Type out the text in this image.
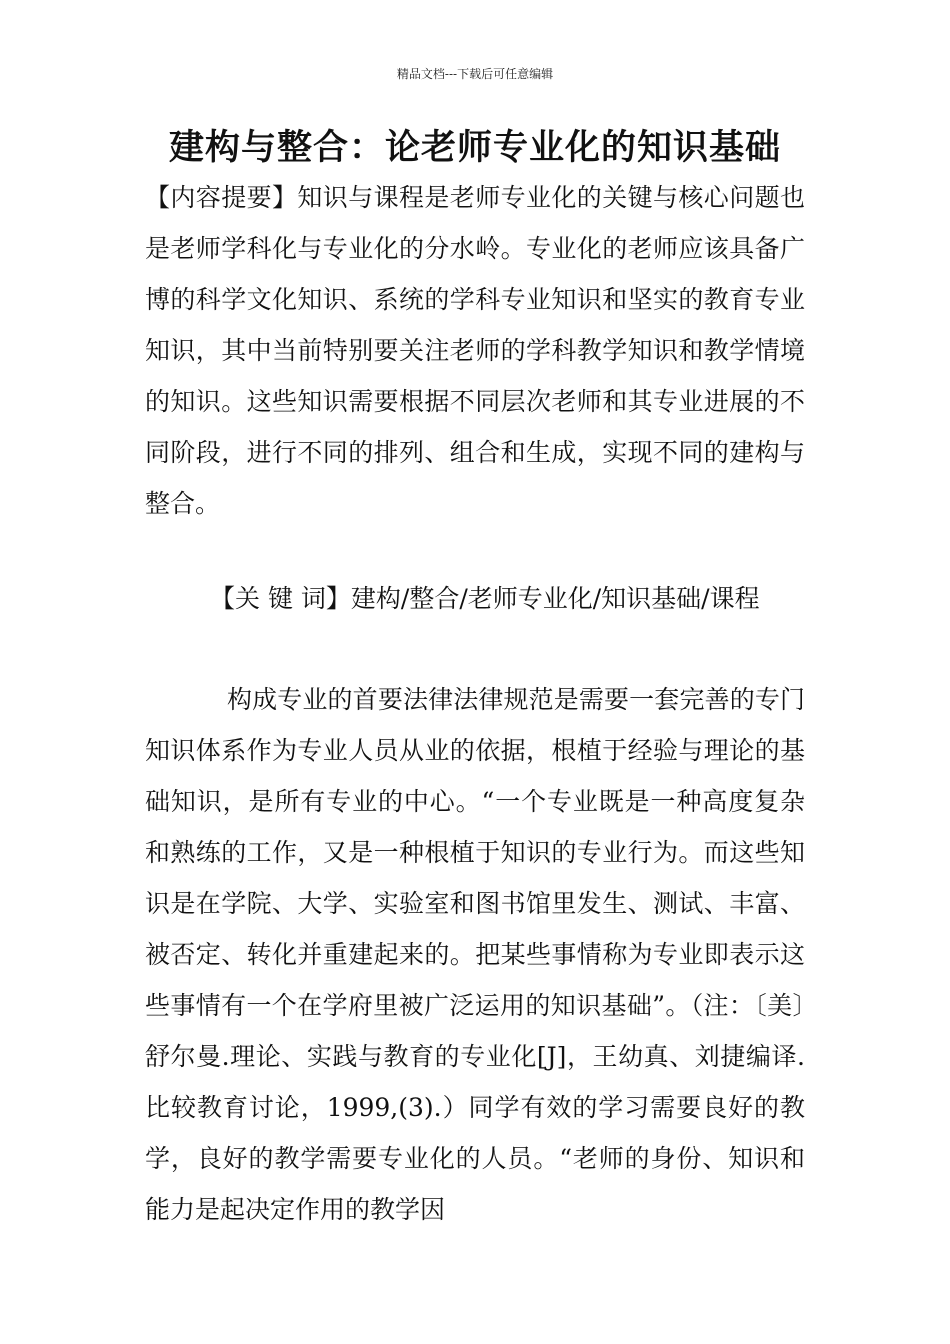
精品文档---下载后可任意编辑
建构与整合：论老师专业化的知识基础
【内容提要】知识与课程是老师专业化的关键与核心问题也是老师学科化与专业化的分水岭。专业化的老师应该具备广博的科学文化知识、系统的学科专业知识和坚实的教育专业知识，其中当前特别要关注老师的学科教学知识和教学情境的知识。这些知识需要根据不同层次老师和其专业进展的不同阶段，进行不同的排列、组合和生成，实现不同的建构与整合。
【关 键 词】建构/整合/老师专业化/知识基础/课程
构成专业的首要法律法律规范是需要一套完善的专门知识体系作为专业人员从业的依据，根植于经验与理论的基础知识，是所有专业的中心。“一个专业既是一种高度复杂和熟练的工作，又是一种根植于知识的专业行为。而这些知识是在学院、大学、实验室和图书馆里发生、测试、丰富、被否定、转化并重建起来的。把某些事情称为专业即表示这些事情有一个在学府里被广泛运用的知识基础”。（注：〔美〕舒尔曼.理论、实践与教育的专业化[J]，王幼真、刘捷编译.比较教育讨论，1999,(3).）同学有效的学习需要良好的教学，良好的教学需要专业化的人员。“老师的身份、知识和能力是起决定作用的教学因
